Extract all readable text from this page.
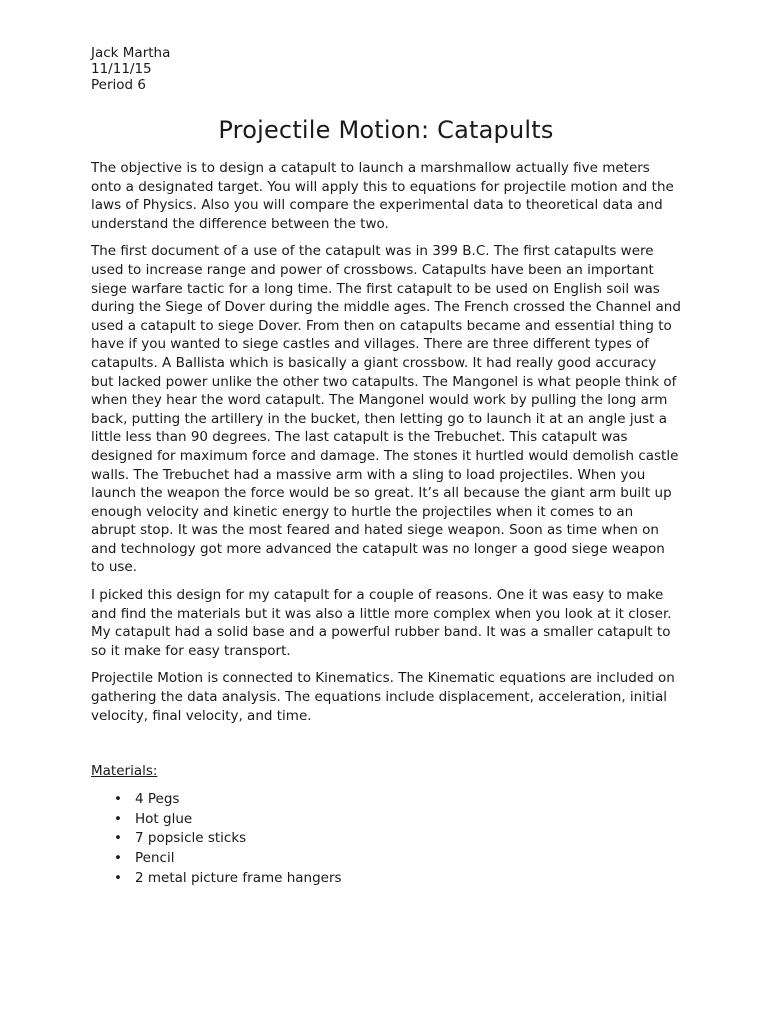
Jack Martha

11/11/15

Period 6

Projectile Motion: Catapults

The objective is to design a catapult to launch a marshmallow actually five meters onto a designated target. You will apply this to equations for projectile motion and the laws of Physics. Also you will compare the experimental data to theoretical data and understand the difference between the two.

The first document of a use of the catapult was in 399 B.C. The first catapults were used to increase range and power of crossbows. Catapults have been an important siege warfare tactic for a long time. The first catapult to be used on English soil was during the Siege of Dover during the middle ages. The French crossed the Channel and used a catapult to siege Dover. From then on catapults became and essential thing to have if you wanted to siege castles and villages. There are three different types of catapults. A Ballista which is basically a giant crossbow. It had really good accuracy but lacked power unlike the other two catapults. The Mangonel is what people think of when they hear the word catapult. The Mangonel would work by pulling the long arm back, putting the artillery in the bucket, then letting go to launch it at an angle just a little less than 90 degrees. The last catapult is the Trebuchet. This catapult was designed for maximum force and damage. The stones it hurtled would demolish castle walls. The Trebuchet had a massive arm with a sling to load projectiles. When you launch the weapon the force would be so great. It’s all because the giant arm built up enough velocity and kinetic energy to hurtle the projectiles when it comes to an abrupt stop. It was the most feared and hated siege weapon. Soon as time when on and technology got more advanced the catapult was no longer a good siege weapon to use.

I picked this design for my catapult for a couple of reasons. One it was easy to make and find the materials but it was also a little more complex when you look at it closer. My catapult had a solid base and a powerful rubber band. It was a smaller catapult to so it make for easy transport.

Projectile Motion is connected to Kinematics. The Kinematic equations are included on gathering the data analysis. The equations include displacement, acceleration, initial velocity, final velocity, and time.

Materials:
• 4 Pegs
• Hot glue
• 7 popsicle sticks
• Pencil
• 2 metal picture frame hangers
